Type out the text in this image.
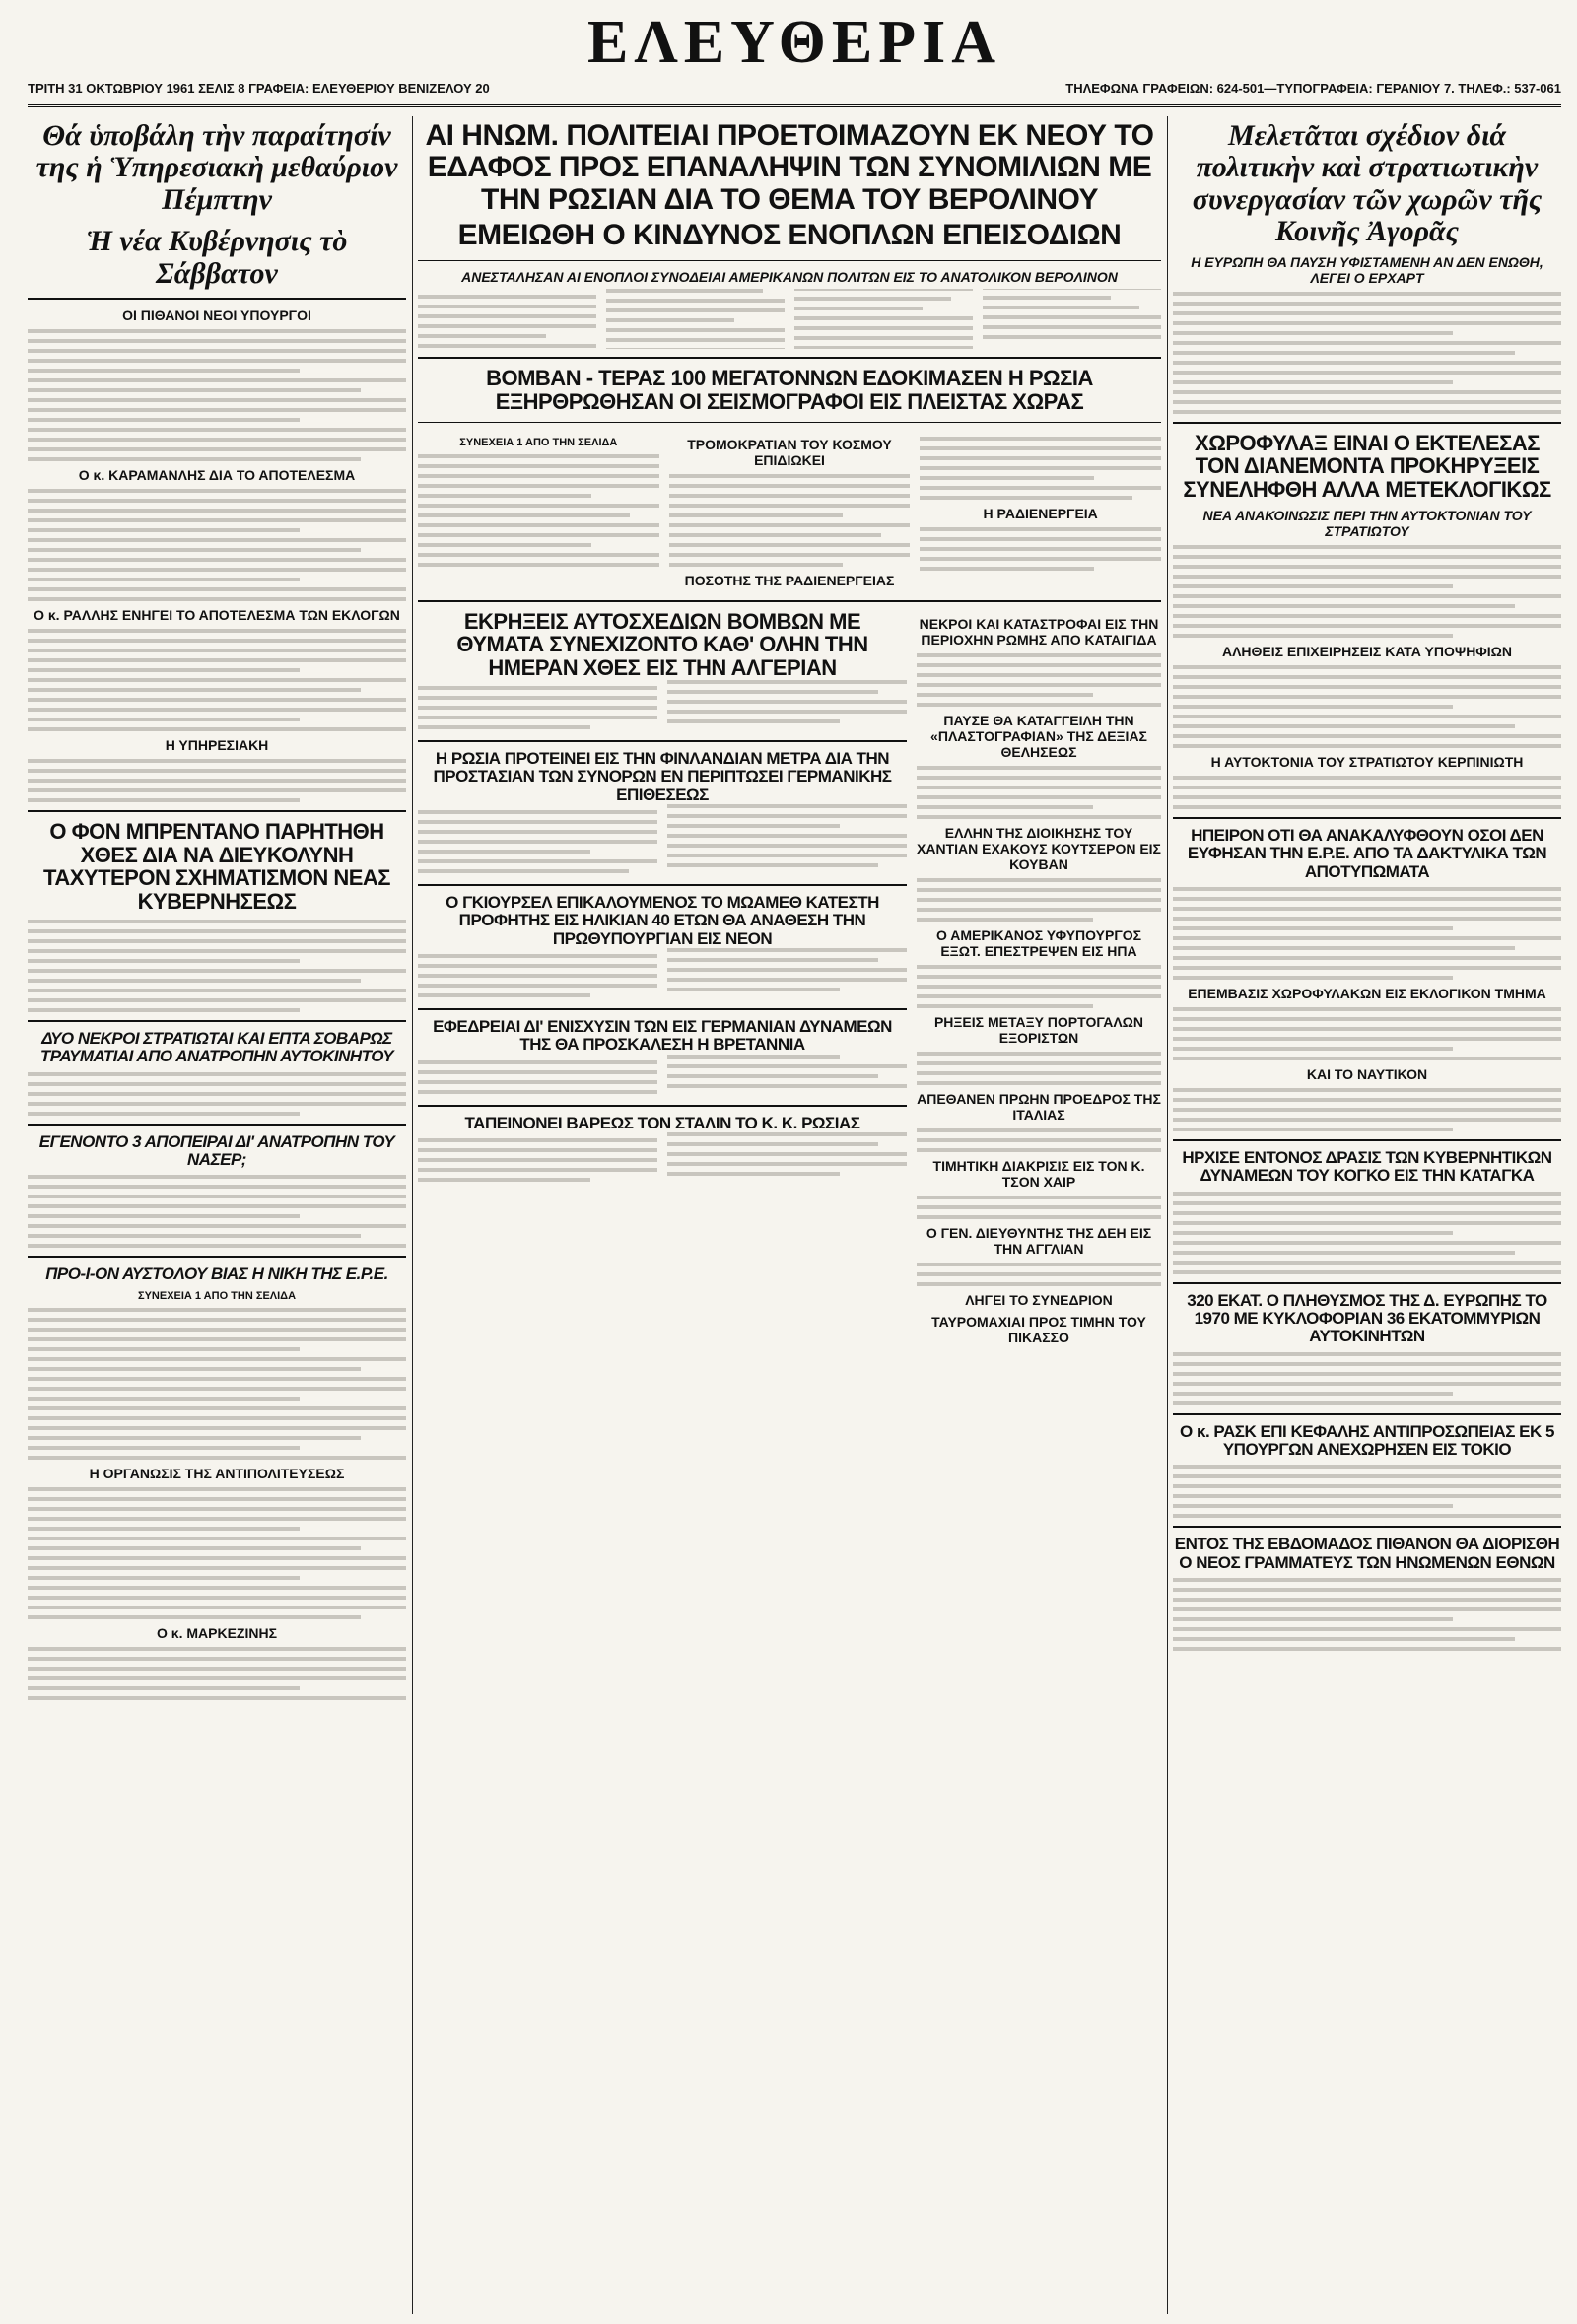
ΤΡΙΤΗ 31 ΟΚΤΩΒΡΙΟΥ 1961 ΣΕΛΙΣ 8 ΓΡΑΦΕΙΑ: ΕΛΕΥΘΕΡΙΟΥ ΒΕΝΙΖΕΛΟΥ 20
ΕΛΕΥΘΕΡΙΑ
ΤΗΛΕΦΩΝΑ ΓΡΑΦΕΙΩΝ: 624-501—ΤΥΠΟΓΡΑΦΕΙΑ: ΓΕΡΑΝΙΟΥ 7. ΤΗΛΕΦ.: 537-061
Θά ὑποβάλη τὴν παραίτησίν της ἡ Ὑπηρεσιακὴ μεθαύριον Πέμπτην
Ἡ νέα Κυβέρνησις τὸ Σάββατον
ΟΙ ΠΙΘΑΝΟΙ ΝΕΟΙ ΥΠΟΥΡΓΟΙ
Ο κ. ΚΑΡΑΜΑΝΛΗΣ ΔΙΑ ΤΟ ΑΠΟΤΕΛΕΣΜΑ
Ο κ. ΡΑΛΛΗΣ ΕΝΗΓΕΙ ΤΟ ΑΠΟΤΕΛΕΣΜΑ ΤΩΝ ΕΚΛΟΓΩΝ
Η ΥΠΗΡΕΣΙΑΚΗ
Ο ΦΟΝ ΜΠΡΕΝΤΑΝΟ ΠΑΡΗΤΗΘΗ ΧΘΕΣ ΔΙΑ ΝΑ ΔΙΕΥΚΟΛΥΝΗ ΤΑΧΥΤΕΡΟΝ ΣΧΗΜΑΤΙΣΜΟΝ ΝΕΑΣ ΚΥΒΕΡΝΗΣΕΩΣ
ΔΥΟ ΝΕΚΡΟΙ ΣΤΡΑΤΙΩΤΑΙ ΚΑΙ ΕΠΤΑ ΣΟΒΑΡΩΣ ΤΡΑΥΜΑΤΙΑΙ ΑΠΟ ΑΝΑΤΡΟΠΗΝ ΑΥΤΟΚΙΝΗΤΟΥ
ΕΓΕΝΟΝΤΟ 3 ΑΠΟΠΕΙΡΑΙ ΔΙ' ΑΝΑΤΡΟΠΗΝ ΤΟΥ ΝΑΣΕΡ;
ΠΡΟ-Ι-ΟΝ ΑΥΣΤΟΛΟΥ ΒΙΑΣ Η ΝΙΚΗ ΤΗΣ Ε.Ρ.Ε.
ΣΥΝΕΧΕΙΑ 1 ΑΠΟ ΤΗΝ ΣΕΛΙΔΑ
Η ΟΡΓΑΝΩΣΙΣ ΤΗΣ ΑΝΤΙΠΟΛΙΤΕΥΣΕΩΣ
Ο κ. ΜΑΡΚΕΖΙΝΗΣ
ΑΙ ΗΝΩΜ. ΠΟΛΙΤΕΙΑΙ ΠΡΟΕΤΟΙΜΑΖΟΥΝ ΕΚ ΝΕΟΥ ΤΟ ΕΔΑΦΟΣ ΠΡΟΣ ΕΠΑΝΑΛΗΨΙΝ ΤΩΝ ΣΥΝΟΜΙΛΙΩΝ ΜΕ ΤΗΝ ΡΩΣΙΑΝ ΔΙΑ ΤΟ ΘΕΜΑ ΤΟΥ ΒΕΡΟΛΙΝΟΥ
ΕΜΕΙΩΘΗ Ο ΚΙΝΔΥΝΟΣ ΕΝΟΠΛΩΝ ΕΠΕΙΣΟΔΙΩΝ
ΑΝΕΣΤΑΛΗΣΑΝ ΑΙ ΕΝΟΠΛΟΙ ΣΥΝΟΔΕΙΑΙ ΑΜΕΡΙΚΑΝΩΝ ΠΟΛΙΤΩΝ ΕΙΣ ΤΟ ΑΝΑΤΟΛΙΚΟΝ ΒΕΡΟΛΙΝΟΝ
ΒΟΜΒΑΝ - ΤΕΡΑΣ 100 ΜΕΓΑΤΟΝΝΩΝ ΕΔΟΚΙΜΑΣΕΝ Η ΡΩΣΙΑ ΕΞΗΡΘΡΩΘΗΣΑΝ ΟΙ ΣΕΙΣΜΟΓΡΑΦΟΙ ΕΙΣ ΠΛΕΙΣΤΑΣ ΧΩΡΑΣ
ΣΥΝΕΧΕΙΑ 1 ΑΠΟ ΤΗΝ ΣΕΛΙΔΑ	ΤΡΟΜΟΚΡΑΤΙΑΝ ΤΟΥ ΚΟΣΜΟΥ ΕΠΙΔΙΩΚΕΙ
ΠΟΣΟΤΗΣ ΤΗΣ ΡΑΔΙΕΝΕΡΓΕΙΑΣ
Η ΡΑΔΙΕΝΕΡΓΕΙΑ
ΕΚΡΗΞΕΙΣ ΑΥΤΟΣΧΕΔΙΩΝ ΒΟΜΒΩΝ ΜΕ ΘΥΜΑΤΑ ΣΥΝΕΧΙΖΟΝΤΟ ΚΑΘ' ΟΛΗΝ ΤΗΝ ΗΜΕΡΑΝ ΧΘΕΣ ΕΙΣ ΤΗΝ ΑΛΓΕΡΙΑΝ
Η ΡΩΣΙΑ ΠΡΟΤΕΙΝΕΙ ΕΙΣ ΤΗΝ ΦΙΝΛΑΝΔΙΑΝ ΜΕΤΡΑ ΔΙΑ ΤΗΝ ΠΡΟΣΤΑΣΙΑΝ ΤΩΝ ΣΥΝΟΡΩΝ ΕΝ ΠΕΡΙΠΤΩΣΕΙ ΓΕΡΜΑΝΙΚΗΣ ΕΠΙΘΕΣΕΩΣ
Ο ΓΚΙΟΥΡΣΕΛ ΕΠΙΚΑΛΟΥΜΕΝΟΣ ΤΟ ΜΩΑΜΕΘ ΚΑΤΕΣΤΗ ΠΡΟΦΗΤΗΣ ΕΙΣ ΗΛΙΚΙΑΝ 40 ΕΤΩΝ ΘΑ ΑΝΑΘΕΣΗ ΤΗΝ ΠΡΩΘΥΠΟΥΡΓΙΑΝ ΕΙΣ ΝΕΟΝ
ΕΦΕΔΡΕΙΑΙ ΔΙ' ΕΝΙΣΧΥΣΙΝ ΤΩΝ ΕΙΣ ΓΕΡΜΑΝΙΑΝ ΔΥΝΑΜΕΩΝ ΤΗΣ ΘΑ ΠΡΟΣΚΑΛΕΣΗ Η ΒΡΕΤΑΝΝΙΑ
ΤΑΠΕΙΝΟΝΕΙ ΒΑΡΕΩΣ ΤΟΝ ΣΤΑΛΙΝ ΤΟ Κ. Κ. ΡΩΣΙΑΣ
ΝΕΚΡΟΙ ΚΑΙ ΚΑΤΑΣΤΡΟΦΑΙ ΕΙΣ ΤΗΝ ΠΕΡΙΟΧΗΝ ΡΩΜΗΣ ΑΠΟ ΚΑΤΑΙΓΙΔΑ
ΠΑΥΣΕ ΘΑ ΚΑΤΑΓΓΕΙΛΗ ΤΗΝ «ΠΛΑΣΤΟΓΡΑΦΙΑΝ» ΤΗΣ ΔΕΞΙΑΣ ΘΕΛΗΣΕΩΣ
ΕΛΛΗΝ ΤΗΣ ΔΙΟΙΚΗΣΗΣ ΤΟΥ ΧΑΝΤΙΑΝ ΕΧΑΚΟΥΣ ΚΟΥΤΣΕΡΟΝ ΕΙΣ ΚΟΥΒΑΝ
Ο ΑΜΕΡΙΚΑΝΟΣ ΥΦΥΠΟΥΡΓΟΣ ΕΞΩΤ. ΕΠΕΣΤΡΕΨΕΝ ΕΙΣ ΗΠΑ
ΡΗΞΕΙΣ ΜΕΤΑΞΥ ΠΟΡΤΟΓΑΛΩΝ ΕΞΟΡΙΣΤΩΝ
ΑΠΕΘΑΝΕΝ ΠΡΩΗΝ ΠΡΟΕΔΡΟΣ ΤΗΣ ΙΤΑΛΙΑΣ
ΤΙΜΗΤΙΚΗ ΔΙΑΚΡΙΣΙΣ ΕΙΣ ΤΟΝ Κ. ΤΣΟΝ ΧΑΙΡ
Ο ΓΕΝ. ΔΙΕΥΘΥΝΤΗΣ ΤΗΣ ΔΕΗ ΕΙΣ ΤΗΝ ΑΓΓΛΙΑΝ
ΛΗΓΕΙ ΤΟ ΣΥΝΕΔΡΙΟΝ
ΤΑΥΡΟΜΑΧΙΑΙ ΠΡΟΣ ΤΙΜΗΝ ΤΟΥ ΠΙΚΑΣΣΟ
Μελετᾶται σχέδιον διά πολιτικὴν καὶ στρατιωτικὴν συνεργασίαν τῶν χωρῶν τῆς Κοινῆς Ἀγορᾶς
Η ΕΥΡΩΠΗ ΘΑ ΠΑΥΣΗ ΥΦΙΣΤΑΜΕΝΗ ΑΝ ΔΕΝ ΕΝΩΘΗ, ΛΕΓΕΙ Ο ΕΡΧΑΡΤ
ΧΩΡΟΦΥΛΑΞ ΕΙΝΑΙ Ο ΕΚΤΕΛΕΣΑΣ ΤΟΝ ΔΙΑΝΕΜΟΝΤΑ ΠΡΟΚΗΡΥΞΕΙΣ ΣΥΝΕΛΗΦΘΗ ΑΛΛΑ ΜΕΤΕΚΛΟΓΙΚΩΣ
ΝΕΑ ΑΝΑΚΟΙΝΩΣΙΣ ΠΕΡΙ ΤΗΝ ΑΥΤΟΚΤΟΝΙΑΝ ΤΟΥ ΣΤΡΑΤΙΩΤΟΥ
ΑΛΗΘΕΙΣ ΕΠΙΧΕΙΡΗΣΕΙΣ ΚΑΤΑ ΥΠΟΨΗΦΙΩΝ
Η ΑΥΤΟΚΤΟΝΙΑ ΤΟΥ ΣΤΡΑΤΙΩΤΟΥ ΚΕΡΠΙΝΙΩΤΗ
ΗΠΕΙΡΟΝ ΟΤΙ ΘΑ ΑΝΑΚΑΛΥΦΘΟΥΝ ΟΣΟΙ ΔΕΝ ΕΥΦΗΣΑΝ ΤΗΝ Ε.Ρ.Ε. ΑΠΟ ΤΑ ΔΑΚΤΥΛΙΚΑ ΤΩΝ ΑΠΟΤΥΠΩΜΑΤΑ
ΕΠΕΜΒΑΣΙΣ ΧΩΡΟΦΥΛΑΚΩΝ ΕΙΣ ΕΚΛΟΓΙΚΟΝ ΤΜΗΜΑ
ΚΑΙ ΤΟ ΝΑΥΤΙΚΟΝ
ΗΡΧΙΣΕ ΕΝΤΟΝΟΣ ΔΡΑΣΙΣ ΤΩΝ ΚΥΒΕΡΝΗΤΙΚΩΝ ΔΥΝΑΜΕΩΝ ΤΟΥ ΚΟΓΚΟ ΕΙΣ ΤΗΝ ΚΑΤΑΓΚΑ
320 ΕΚΑΤ. Ο ΠΛΗΘΥΣΜΟΣ ΤΗΣ Δ. ΕΥΡΩΠΗΣ ΤΟ 1970 ΜΕ ΚΥΚΛΟΦΟΡΙΑΝ 36 ΕΚΑΤΟΜΜΥΡΙΩΝ ΑΥΤΟΚΙΝΗΤΩΝ
Ο κ. ΡΑΣΚ ΕΠΙ ΚΕΦΑΛΗΣ ΑΝΤΙΠΡΟΣΩΠΕΙΑΣ ΕΚ 5 ΥΠΟΥΡΓΩΝ ΑΝΕΧΩΡΗΣΕΝ ΕΙΣ ΤΟΚΙΟ
ΕΝΤΟΣ ΤΗΣ ΕΒΔΟΜΑΔΟΣ ΠΙΘΑΝΟΝ ΘΑ ΔΙΟΡΙΣΘΗ Ο ΝΕΟΣ ΓΡΑΜΜΑΤΕΥΣ ΤΩΝ ΗΝΩΜΕΝΩΝ ΕΘΝΩΝ
